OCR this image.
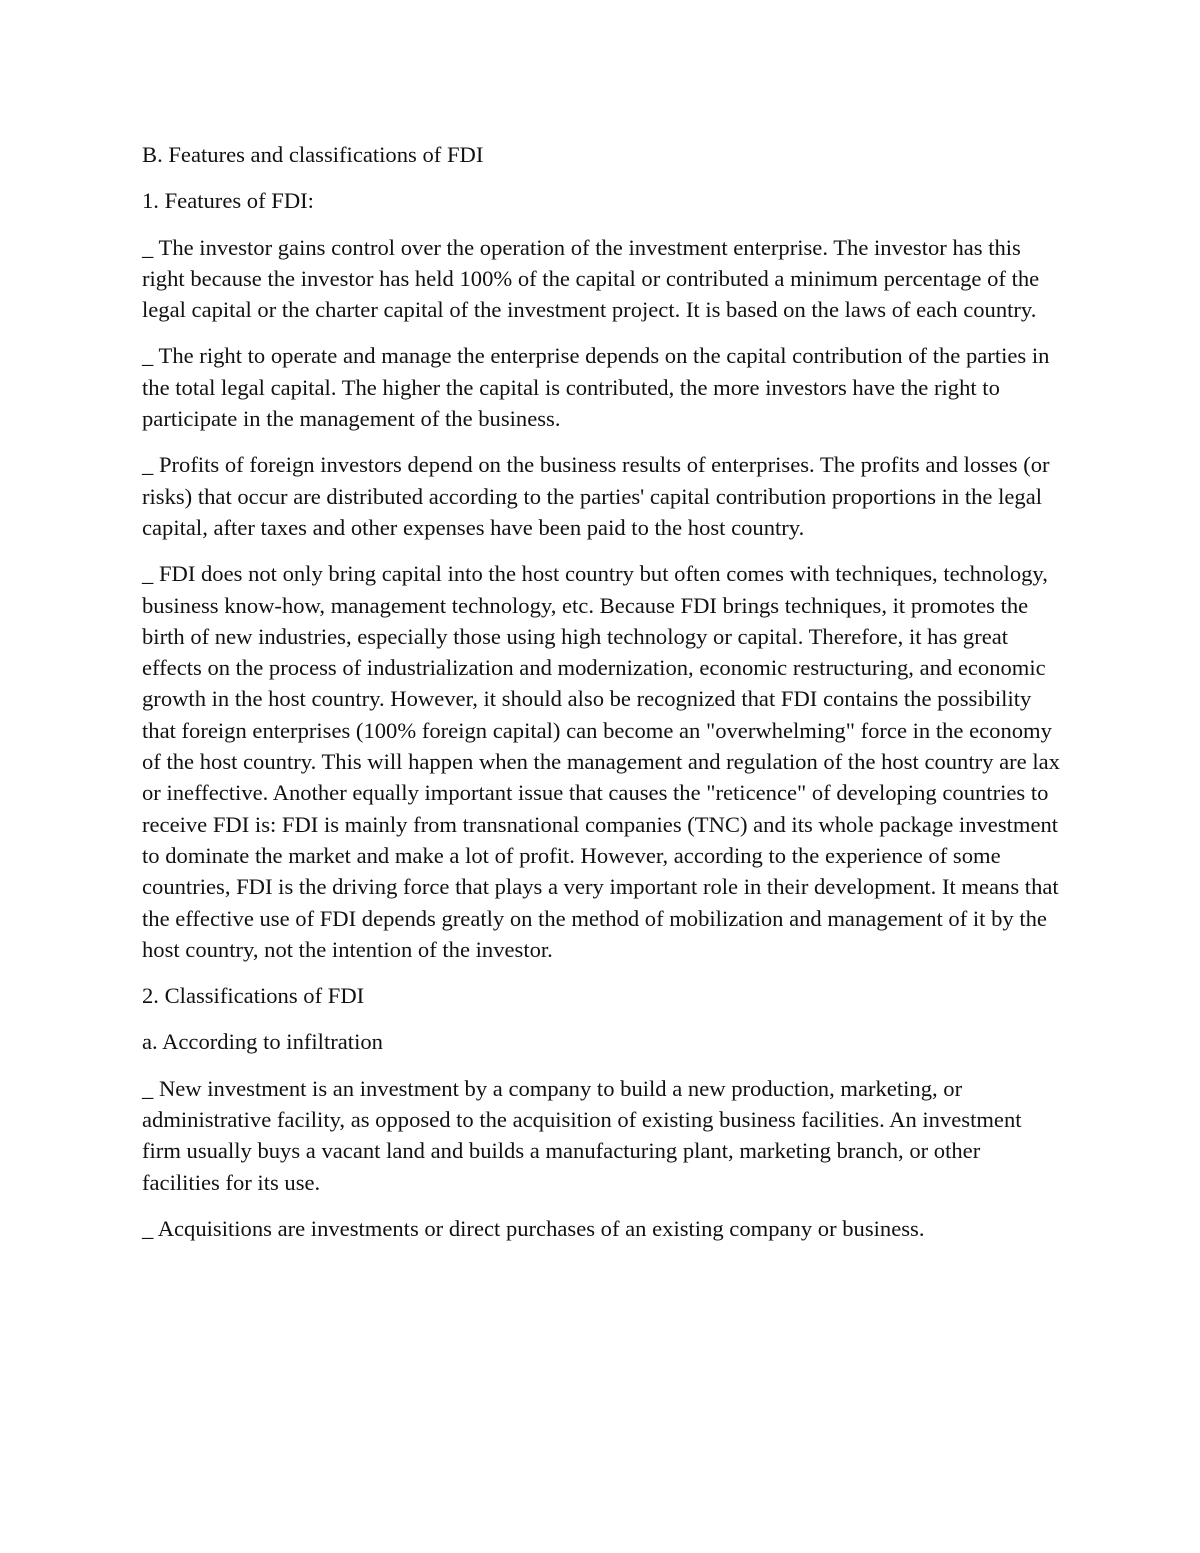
B. Features and classifications of FDI

1. Features of FDI:

_ The investor gains control over the operation of the investment enterprise. The investor has this right because the investor has held 100% of the capital or contributed a minimum percentage of the legal capital or the charter capital of the investment project. It is based on the laws of each country.

_ The right to operate and manage the enterprise depends on the capital contribution of the parties in the total legal capital. The higher the capital is contributed, the more investors have the right to participate in the management of the business.

_ Profits of foreign investors depend on the business results of enterprises. The profits and losses (or risks) that occur are distributed according to the parties' capital contribution proportions in the legal capital, after taxes and other expenses have been paid to the host country.

_ FDI does not only bring capital into the host country but often comes with techniques, technology, business know-how, management technology, etc. Because FDI brings techniques, it promotes the birth of new industries, especially those using high technology or capital. Therefore, it has great effects on the process of industrialization and modernization, economic restructuring, and economic growth in the host country. However, it should also be recognized that FDI contains the possibility that foreign enterprises (100% foreign capital) can become an "overwhelming" force in the economy of the host country. This will happen when the management and regulation of the host country are lax or ineffective. Another equally important issue that causes the "reticence" of developing countries to receive FDI is: FDI is mainly from transnational companies (TNC) and its whole package investment to dominate the market and make a lot of profit. However, according to the experience of some countries, FDI is the driving force that plays a very important role in their development. It means that the effective use of FDI depends greatly on the method of mobilization and management of it by the host country, not the intention of the investor.

2. Classifications of FDI

a. According to infiltration

_ New investment is an investment by a company to build a new production, marketing, or administrative facility, as opposed to the acquisition of existing business facilities. An investment firm usually buys a vacant land and builds a manufacturing plant, marketing branch, or other facilities for its use.

_ Acquisitions are investments or direct purchases of an existing company or business.
